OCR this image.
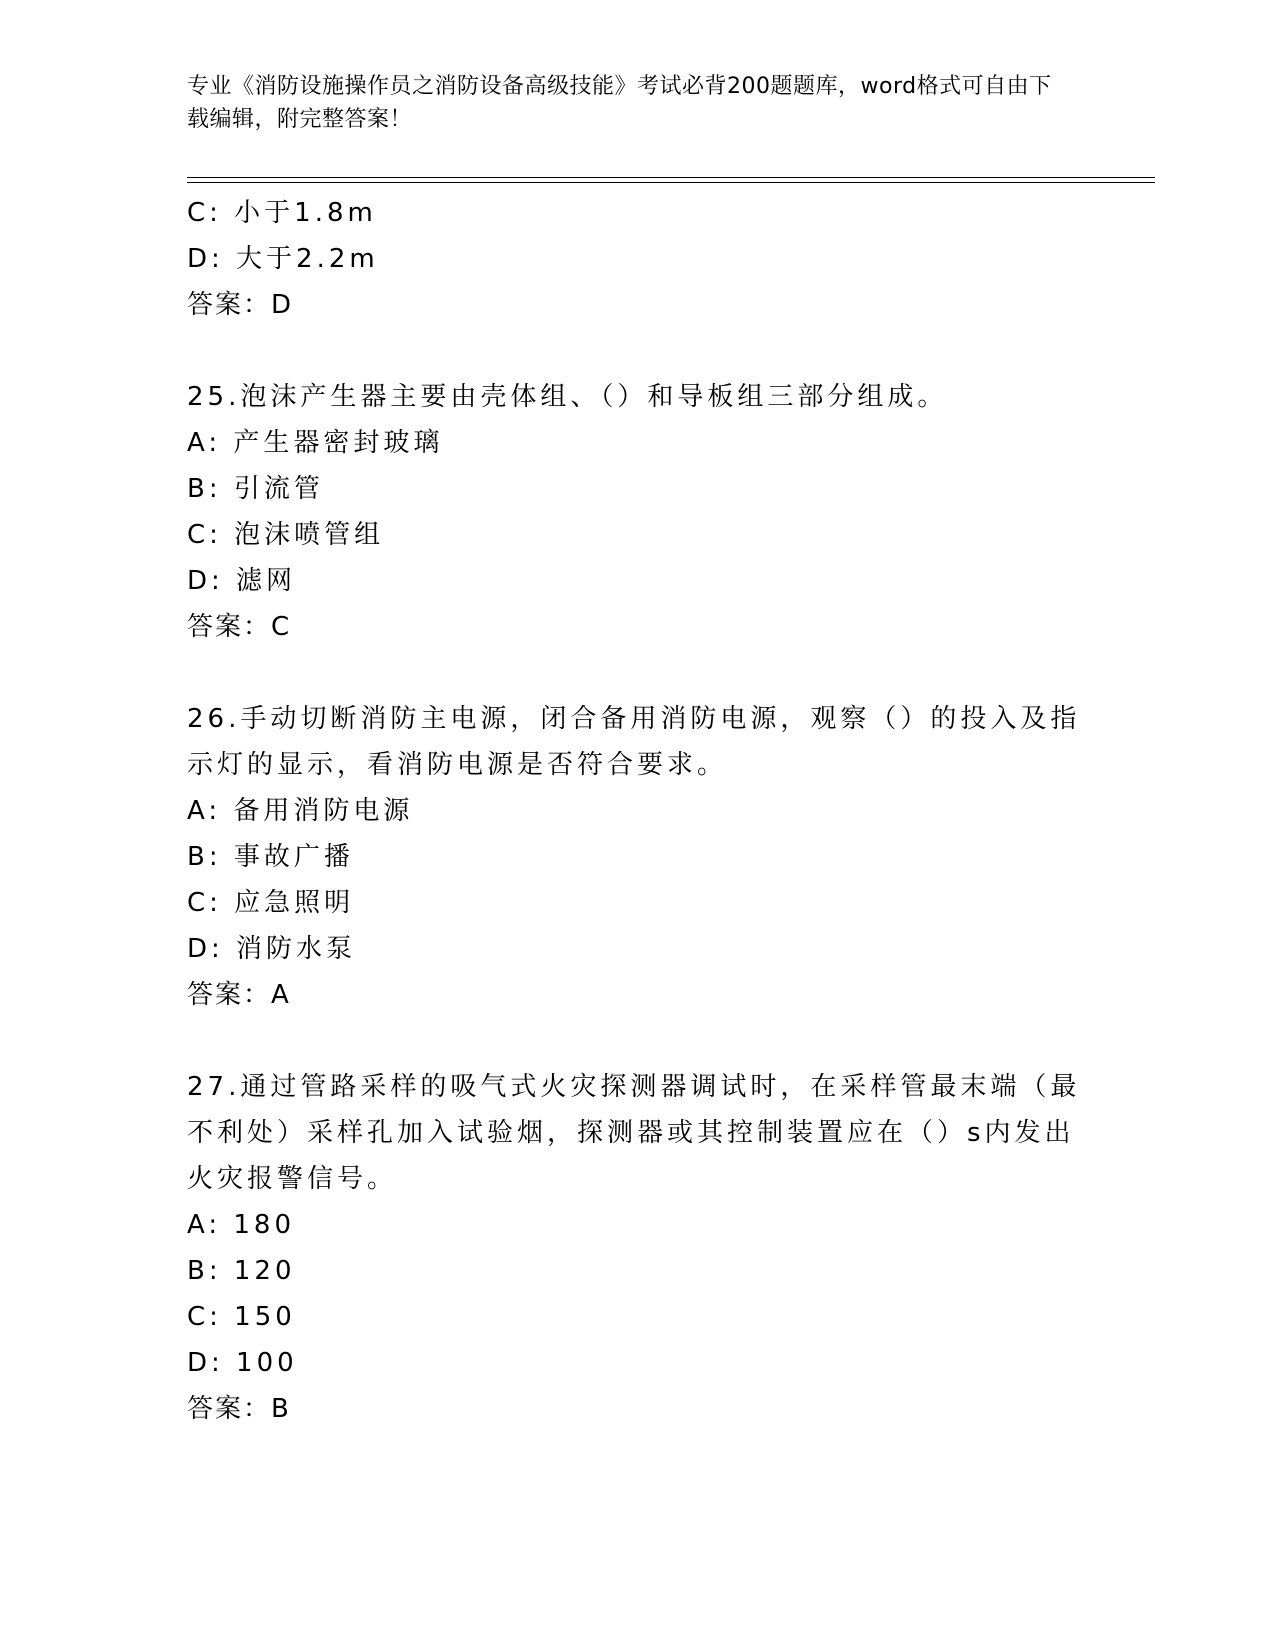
专业《消防设施操作员之消防设备高级技能》考试必背200题题库，word格式可自由下载编辑，附完整答案！
C: 小于1.8m
D: 大于2.2m
答案：D
25.泡沫产生器主要由壳体组、（）和导板组三部分组成。
A: 产生器密封玻璃
B: 引流管
C: 泡沫喷管组
D: 滤网
答案：C
26.手动切断消防主电源，闭合备用消防电源，观察（）的投入及指示灯的显示，看消防电源是否符合要求。
A: 备用消防电源
B: 事故广播
C: 应急照明
D: 消防水泵
答案：A
27.通过管路采样的吸气式火灾探测器调试时，在采样管最末端（最不利处）采样孔加入试验烟，探测器或其控制装置应在（）s内发出火灾报警信号。
A: 180
B: 120
C: 150
D: 100
答案：B
